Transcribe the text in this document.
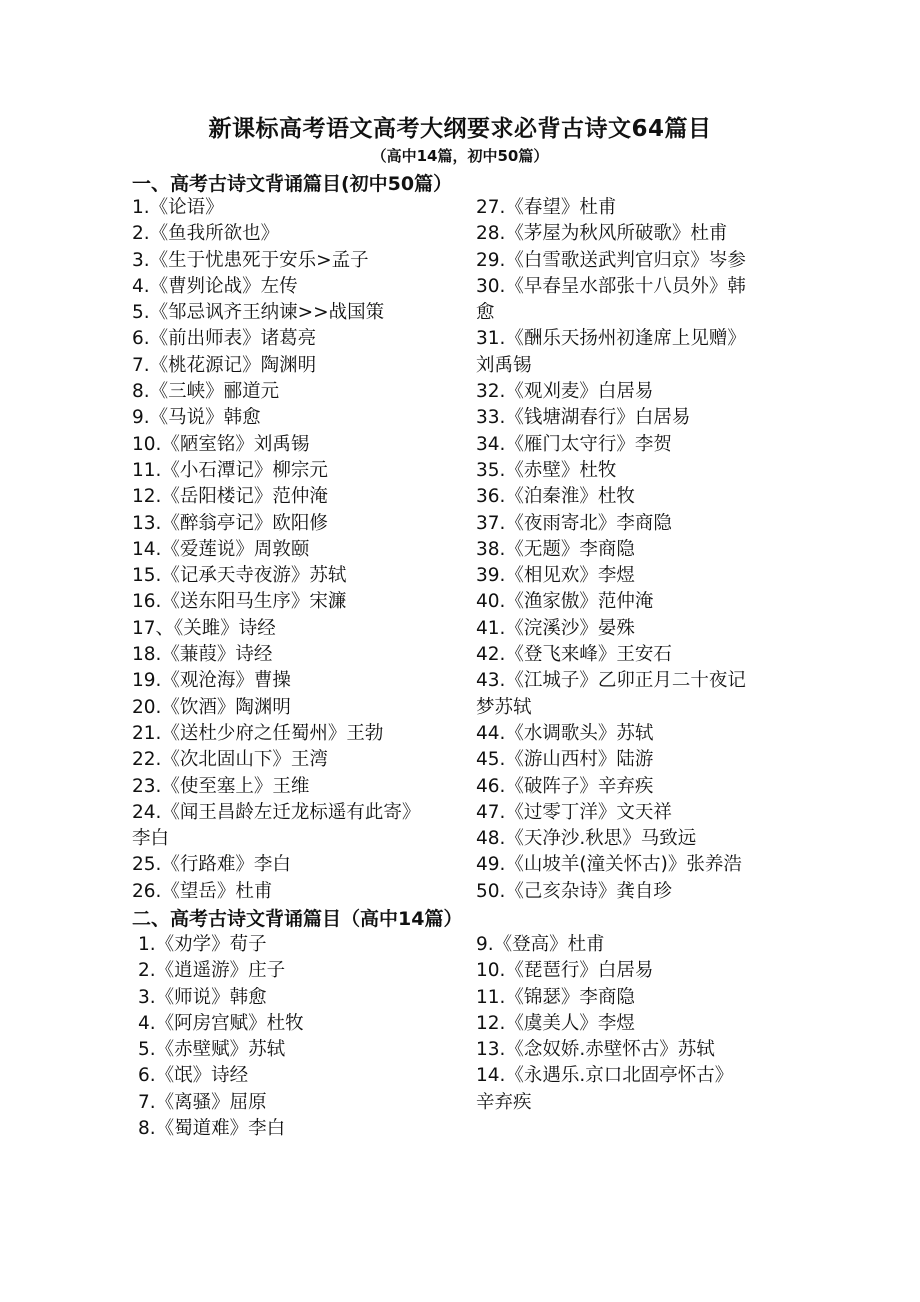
新课标高考语文高考大纲要求必背古诗文64篇目
（高中14篇，初中50篇）
一、高考古诗文背诵篇目(初中50篇）
1.《论语》
2.《鱼我所欲也》
3.《生于忧患死于安乐>孟子
4.《曹刿论战》左传
5.《邹忌讽齐王纳谏>>战国策
6.《前出师表》诸葛亮
7.《桃花源记》陶渊明
8.《三峡》郦道元
9.《马说》韩愈
10.《陋室铭》刘禹锡
11.《小石潭记》柳宗元
12.《岳阳楼记》范仲淹
13.《醉翁亭记》欧阳修
14.《爱莲说》周敦颐
15.《记承天寺夜游》苏轼
16.《送东阳马生序》宋濂
17、《关雎》诗经
18.《蒹葭》诗经
19.《观沧海》曹操
20.《饮酒》陶渊明
21.《送杜少府之任蜀州》王勃
22.《次北固山下》王湾
23.《使至塞上》王维
24.《闻王昌龄左迁龙标遥有此寄》
李白
25.《行路难》李白
26.《望岳》杜甫
27.《春望》杜甫
28.《茅屋为秋风所破歌》杜甫
29.《白雪歌送武判官归京》岑参
30.《早春呈水部张十八员外》韩
愈
31.《酬乐天扬州初逢席上见赠》
刘禹锡
32.《观刈麦》白居易
33.《钱塘湖春行》白居易
34.《雁门太守行》李贺
35.《赤壁》杜牧
36.《泊秦淮》杜牧
37.《夜雨寄北》李商隐
38.《无题》李商隐
39.《相见欢》李煜
40.《渔家傲》范仲淹
41.《浣溪沙》晏殊
42.《登飞来峰》王安石
43.《江城子》乙卯正月二十夜记
梦苏轼
44.《水调歌头》苏轼
45.《游山西村》陆游
46.《破阵子》辛弃疾
47.《过零丁洋》文天祥
48.《天净沙.秋思》马致远
49.《山坡羊(潼关怀古)》张养浩
50.《己亥杂诗》龚自珍
二、高考古诗文背诵篇目（高中14篇）
1.《劝学》荀子
2.《逍遥游》庄子
3.《师说》韩愈
4.《阿房宫赋》杜牧
5.《赤壁赋》苏轼
6.《氓》诗经
7.《离骚》屈原
8.《蜀道难》李白
9.《登高》杜甫
10.《琵琶行》白居易
11.《锦瑟》李商隐
12.《虞美人》李煜
13.《念奴娇.赤壁怀古》苏轼
14.《永遇乐.京口北固亭怀古》
辛弃疾
